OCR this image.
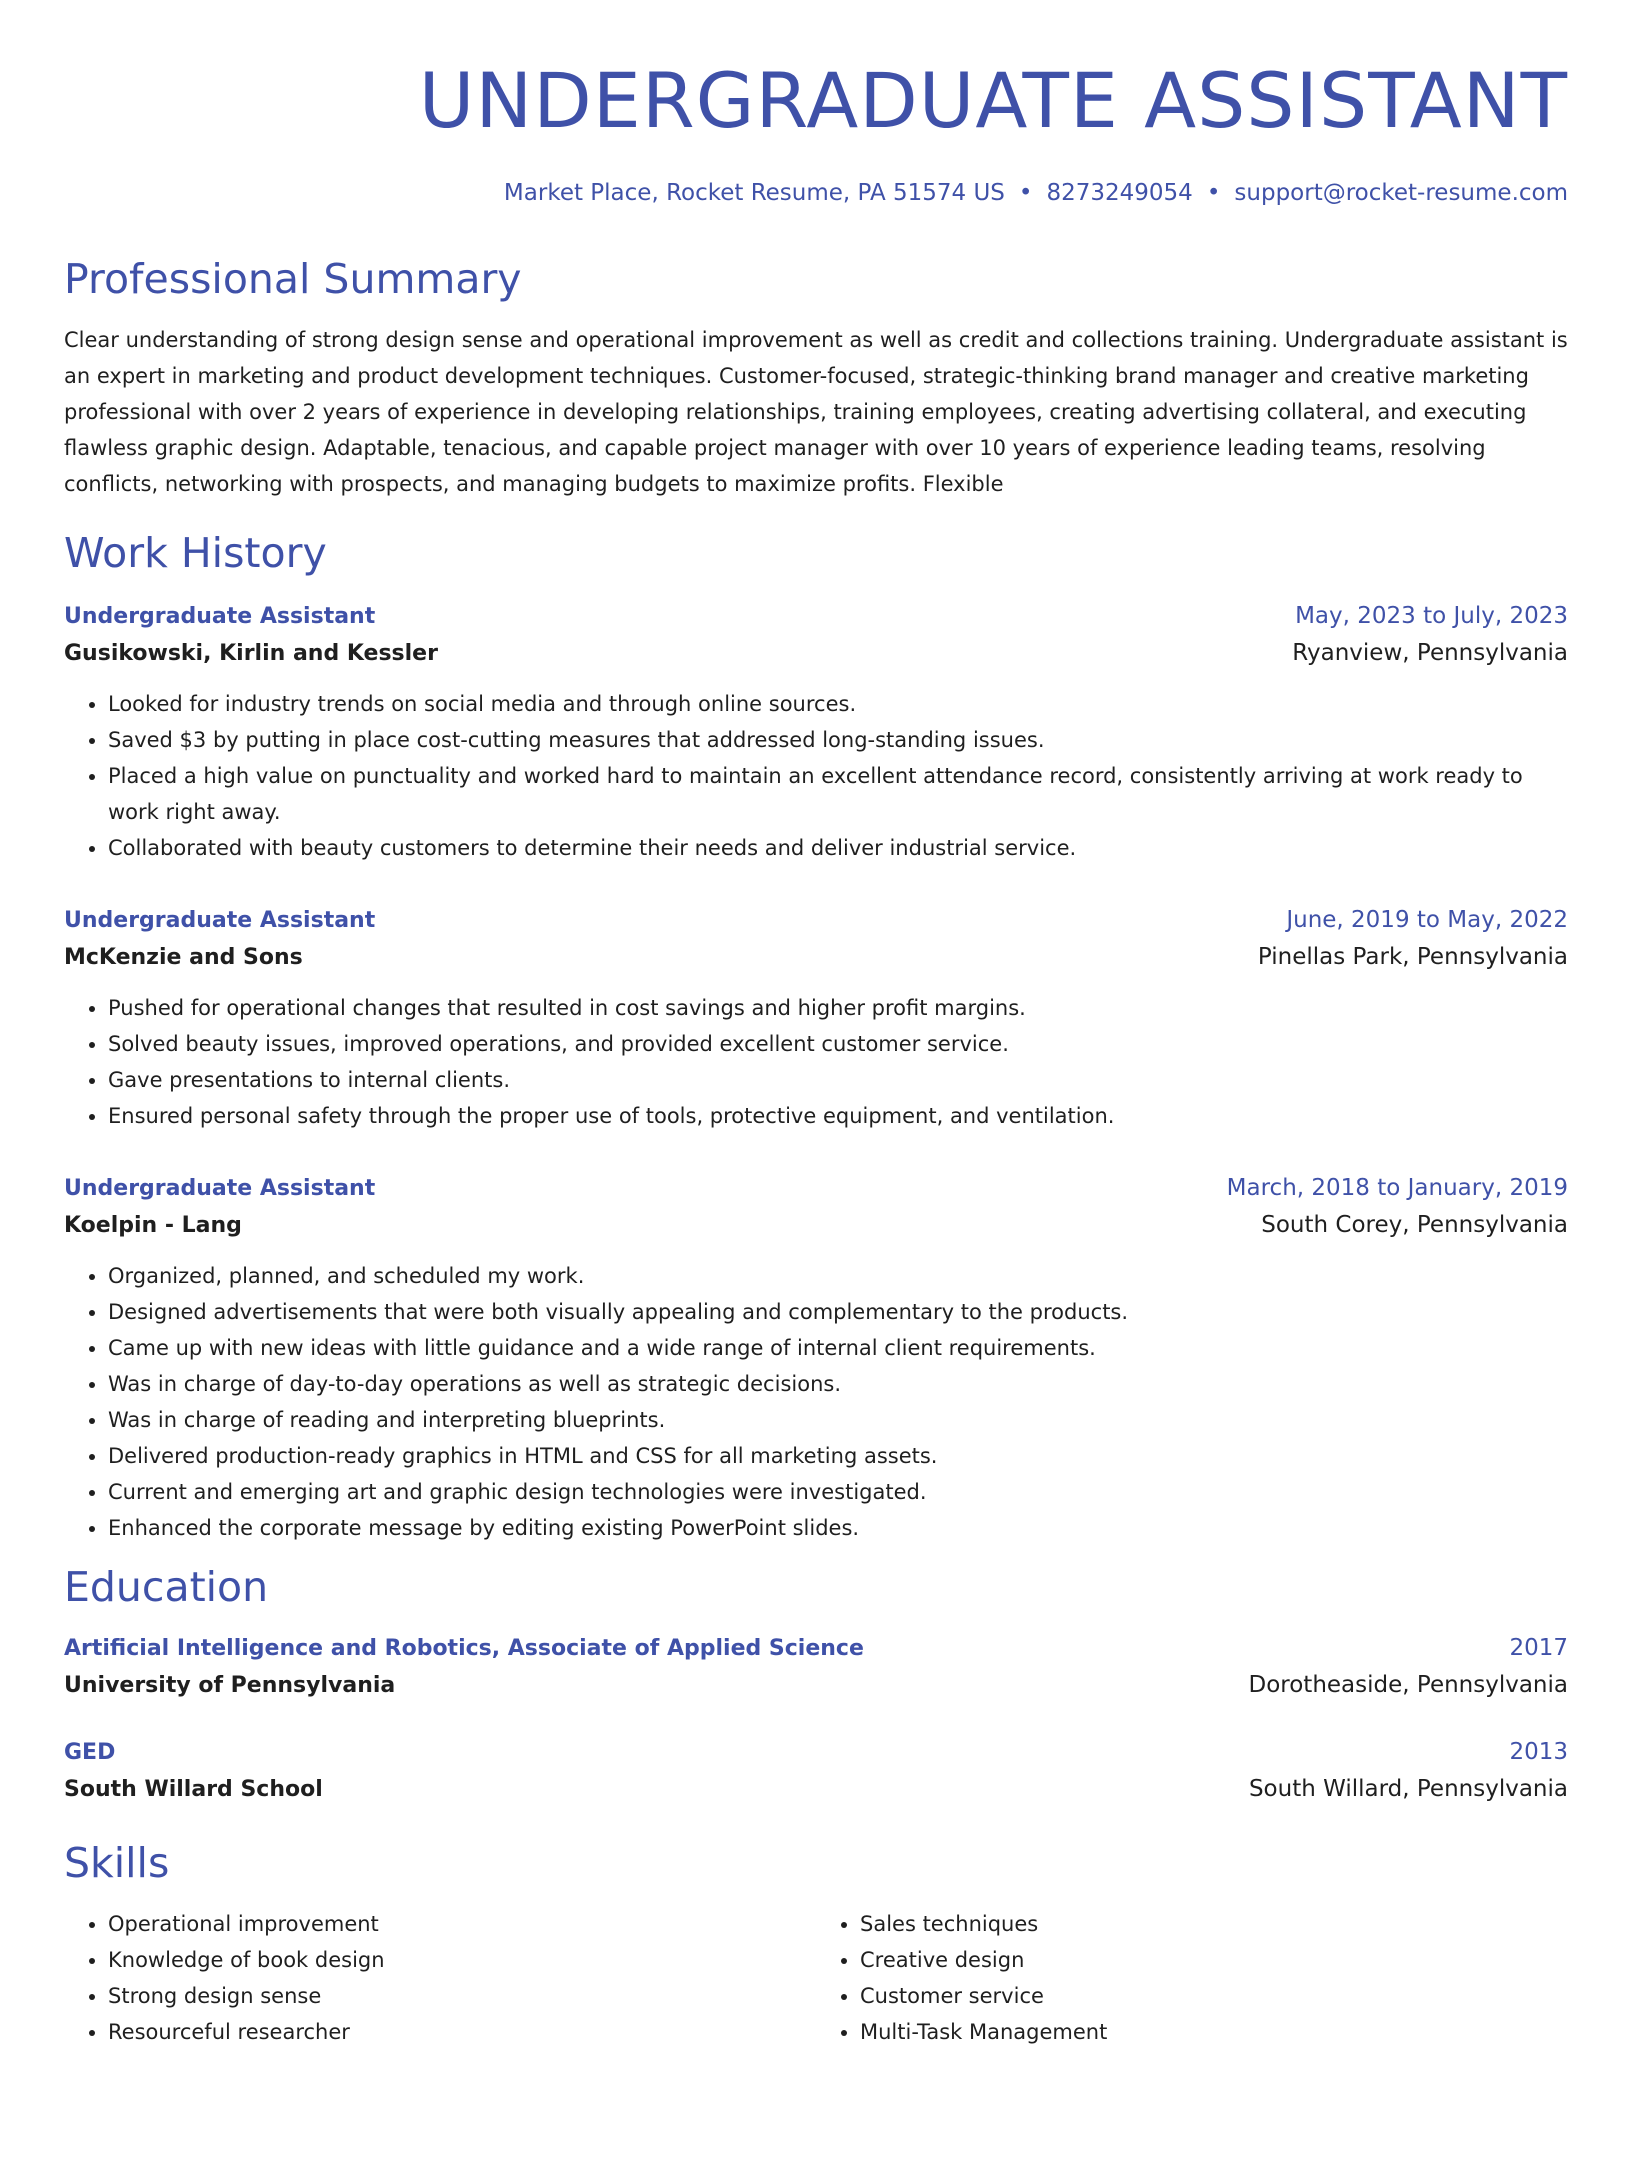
UNDERGRADUATE ASSISTANT
Market Place, Rocket Resume, PA 51574 US • 8273249054 • support@rocket-resume.com
Professional Summary
Clear understanding of strong design sense and operational improvement as well as credit and collections training. Undergraduate assistant is an expert in marketing and product development techniques. Customer-focused, strategic-thinking brand manager and creative marketing professional with over 2 years of experience in developing relationships, training employees, creating advertising collateral, and executing flawless graphic design. Adaptable, tenacious, and capable project manager with over 10 years of experience leading teams, resolving conflicts, networking with prospects, and managing budgets to maximize profits. Flexible
Work History
Undergraduate Assistant	May, 2023 to July, 2023
Gusikowski, Kirlin and Kessler	Ryanview, Pennsylvania
• Looked for industry trends on social media and through online sources.
• Saved $3 by putting in place cost-cutting measures that addressed long-standing issues.
• Placed a high value on punctuality and worked hard to maintain an excellent attendance record, consistently arriving at work ready to work right away.
• Collaborated with beauty customers to determine their needs and deliver industrial service.
Undergraduate Assistant	June, 2019 to May, 2022
McKenzie and Sons	Pinellas Park, Pennsylvania
• Pushed for operational changes that resulted in cost savings and higher profit margins.
• Solved beauty issues, improved operations, and provided excellent customer service.
• Gave presentations to internal clients.
• Ensured personal safety through the proper use of tools, protective equipment, and ventilation.
Undergraduate Assistant	March, 2018 to January, 2019
Koelpin - Lang	South Corey, Pennsylvania
• Organized, planned, and scheduled my work.
• Designed advertisements that were both visually appealing and complementary to the products.
• Came up with new ideas with little guidance and a wide range of internal client requirements.
• Was in charge of day-to-day operations as well as strategic decisions.
• Was in charge of reading and interpreting blueprints.
• Delivered production-ready graphics in HTML and CSS for all marketing assets.
• Current and emerging art and graphic design technologies were investigated.
• Enhanced the corporate message by editing existing PowerPoint slides.
Education
Artificial Intelligence and Robotics, Associate of Applied Science	2017
University of Pennsylvania	Dorotheaside, Pennsylvania
GED	2013
South Willard School	South Willard, Pennsylvania
Skills
• Operational improvement
• Knowledge of book design
• Strong design sense
• Resourceful researcher
• Sales techniques
• Creative design
• Customer service
• Multi-Task Management
